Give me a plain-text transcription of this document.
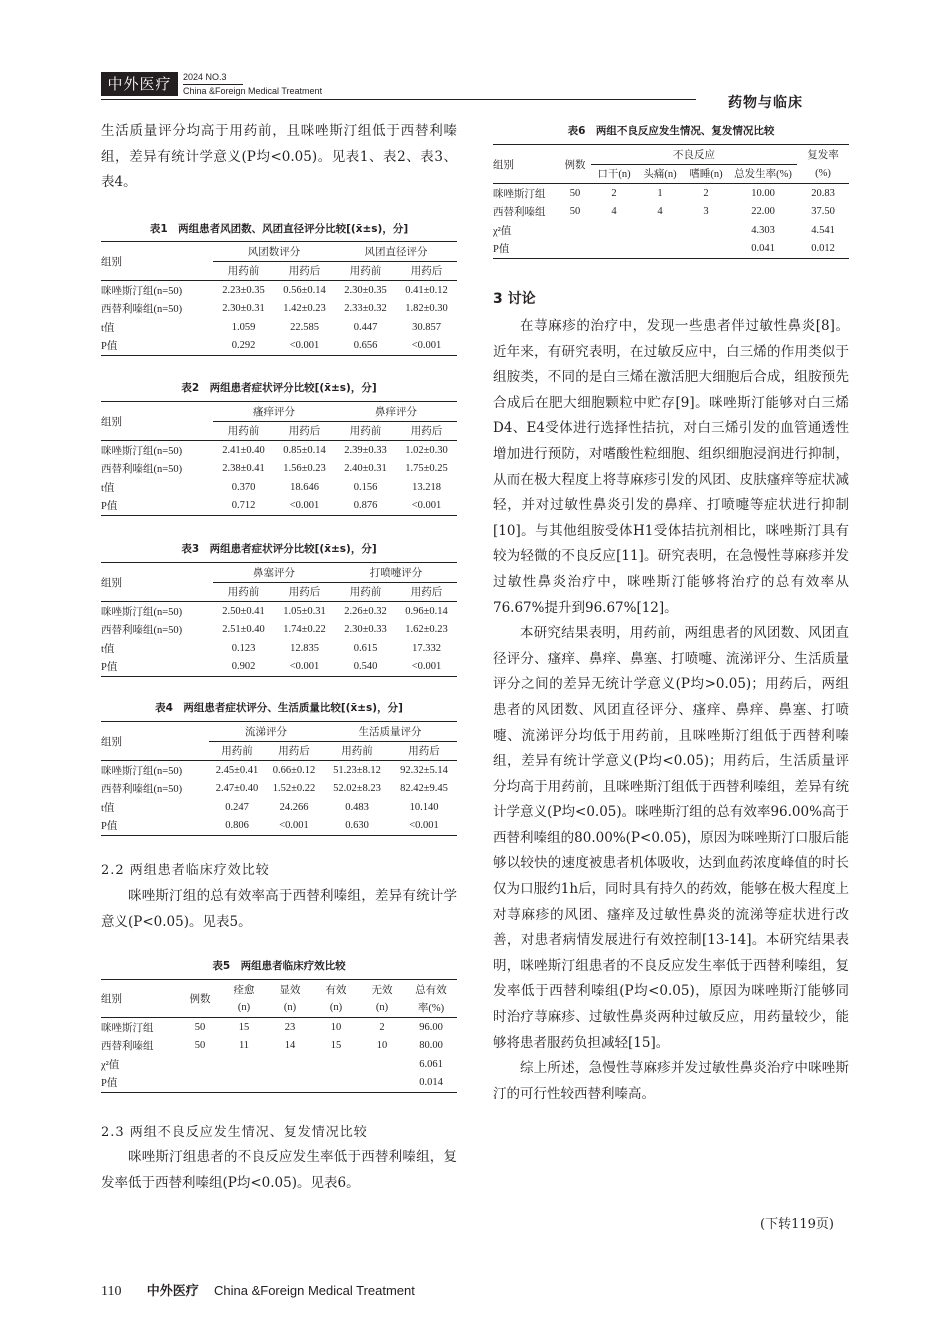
中外医疗	2024 NO.3
China &Foreign Medical Treatment
药物与临床

生活质量评分均高于用药前，且咪唑斯汀组低于西替利嗪组，差异有统计学意义(P均<0.05)。见表1、表2、表3、表4。

表1　两组患者风团数、风团直径评分比较[(x̄±s)，分]
组别	风团数评分		风团直径评分	
	用药前	用药后	用药前	用药后
咪唑斯汀组(n=50)	2.23±0.35	0.56±0.14	2.30±0.35	0.41±0.12
西替利嗪组(n=50)	2.30±0.31	1.42±0.23	2.33±0.32	1.82±0.30
t值	1.059	22.585	0.447	30.857
P值	0.292	<0.001	0.656	<0.001
表2　两组患者症状评分比较[(x̄±s)，分]
组别	瘙痒评分		鼻痒评分	
	用药前	用药后	用药前	用药后
咪唑斯汀组(n=50)	2.41±0.40	0.85±0.14	2.39±0.33	1.02±0.30
西替利嗪组(n=50)	2.38±0.41	1.56±0.23	2.40±0.31	1.75±0.25
t值	0.370	18.646	0.156	13.218
P值	0.712	<0.001	0.876	<0.001
表3　两组患者症状评分比较[(x̄±s)，分]
组别	鼻塞评分		打喷嚏评分	
	用药前	用药后	用药前	用药后
咪唑斯汀组(n=50)	2.50±0.41	1.05±0.31	2.26±0.32	0.96±0.14
西替利嗪组(n=50)	2.51±0.40	1.74±0.22	2.30±0.33	1.62±0.23
t值	0.123	12.835	0.615	17.332
P值	0.902	<0.001	0.540	<0.001
表4　两组患者症状评分、生活质量比较[(x̄±s)，分]
组别	流涕评分		生活质量评分	
	用药前	用药后	用药前	用药后
咪唑斯汀组(n=50)	2.45±0.41	0.66±0.12	51.23±8.12	92.32±5.14
西替利嗪组(n=50)	2.47±0.40	1.52±0.22	52.02±8.23	82.42±9.45
t值	0.247	24.266	0.483	10.140
P值	0.806	<0.001	0.630	<0.001
2.2 两组患者临床疗效比较

咪唑斯汀组的总有效率高于西替利嗪组，差异有统计学意义(P<0.05)。见表5。

表5　两组患者临床疗效比较
组别	例数	痊愈	显效	有效	无效	总有效
		(n)	(n)	(n)	(n)	率(%)
咪唑斯汀组	50	15	23	10	2	96.00
西替利嗪组	50	11	14	15	10	80.00
χ²值						6.061
P值						0.014
2.3 两组不良反应发生情况、复发情况比较

咪唑斯汀组患者的不良反应发生率低于西替利嗪组，复发率低于西替利嗪组(P均<0.05)。见表6。

表6　两组不良反应发生情况、复发情况比较
组别	例数	不良反应				复发率
		口干(n)	头痛(n)	嗜睡(n)	总发生率(%)	(%)
咪唑斯汀组	50	2	1	2	10.00	20.83
西替利嗪组	50	4	4	3	22.00	37.50
χ²值					4.303	4.541
P值					0.041	0.012
3 讨论

在荨麻疹的治疗中，发现一些患者伴过敏性鼻炎[8]。近年来，有研究表明，在过敏反应中，白三烯的作用类似于组胺类，不同的是白三烯在激活肥大细胞后合成，组胺预先合成后在肥大细胞颗粒中贮存[9]。咪唑斯汀能够对白三烯D4、E4受体进行选择性拮抗，对白三烯引发的血管通透性增加进行预防，对嗜酸性粒细胞、组织细胞浸润进行抑制，从而在极大程度上将荨麻疹引发的风团、皮肤瘙痒等症状减轻，并对过敏性鼻炎引发的鼻痒、打喷嚏等症状进行抑制[10]。与其他组胺受体H1受体拮抗剂相比，咪唑斯汀具有较为轻微的不良反应[11]。研究表明，在急慢性荨麻疹并发过敏性鼻炎治疗中，咪唑斯汀能够将治疗的总有效率从76.67%提升到96.67%[12]。

本研究结果表明，用药前，两组患者的风团数、风团直径评分、瘙痒、鼻痒、鼻塞、打喷嚏、流涕评分、生活质量评分之间的差异无统计学意义(P均>0.05)；用药后，两组患者的风团数、风团直径评分、瘙痒、鼻痒、鼻塞、打喷嚏、流涕评分均低于用药前，且咪唑斯汀组低于西替利嗪组，差异有统计学意义(P均<0.05)；用药后，生活质量评分均高于用药前，且咪唑斯汀组低于西替利嗪组，差异有统计学意义(P均<0.05)。咪唑斯汀组的总有效率96.00%高于西替利嗪组的80.00%(P<0.05)，原因为咪唑斯汀口服后能够以较快的速度被患者机体吸收，达到血药浓度峰值的时长仅为口服约1h后，同时具有持久的药效，能够在极大程度上对荨麻疹的风团、瘙痒及过敏性鼻炎的流涕等症状进行改善，对患者病情发展进行有效控制[13-14]。本研究结果表明，咪唑斯汀组患者的不良反应发生率低于西替利嗪组，复发率低于西替利嗪组(P均<0.05)，原因为咪唑斯汀能够同时治疗荨麻疹、过敏性鼻炎两种过敏反应，用药量较少，能够将患者服药负担减轻[15]。

综上所述，急慢性荨麻疹并发过敏性鼻炎治疗中咪唑斯汀的可行性较西替利嗪高。

(下转119页)
110 中外医疗 China &Foreign Medical Treatment
